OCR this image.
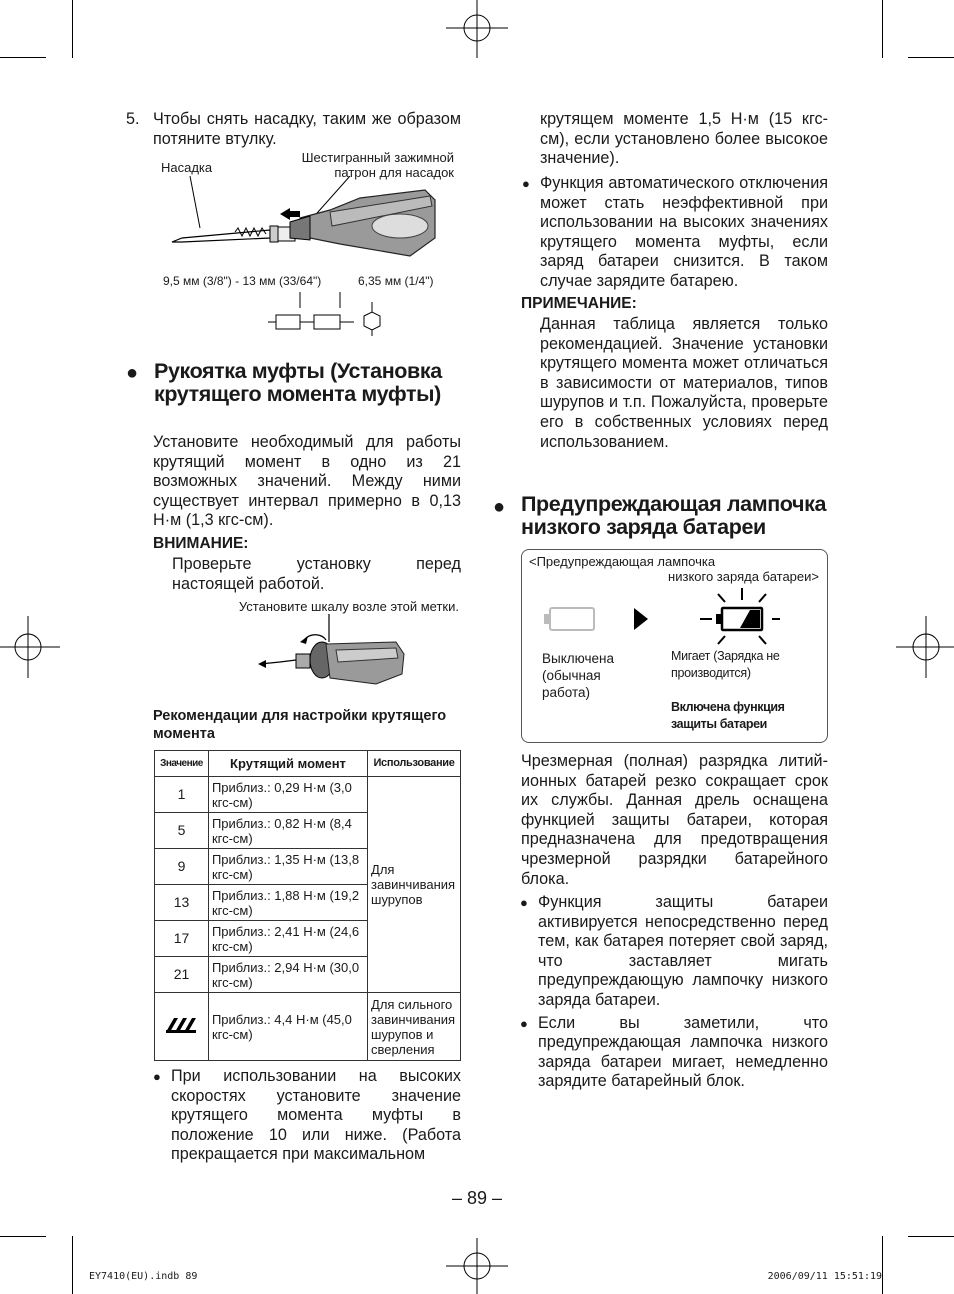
5. Чтобы снять насадку, таким же образом потяните втулку.
Насадка
Шестигранный зажимной патрон для насадок
9,5 мм (3/8") - 13 мм (33/64")	6,35 мм (1/4")
● Рукоятка муфты (Установка крутящего момента муфты)
Установите необходимый для работы крутящий момент в одно из 21 возможных значений. Между ними существует интервал примерно в 0,13 Н·м (1,3 кгс-см).
ВНИМАНИЕ:
Проверьте установку перед настоящей работой.
Установите шкалу возле этой метки.
Рекомендации для настройки крутящего момента
Значение	Крутящий момент	Использование
1	Приблиз.: 0,29 Н·м (3,0 кгс-см)	Для завинчивания шурупов
5	Приблиз.: 0,82 Н·м (8,4 кгс-см)	
9	Приблиз.: 1,35 Н·м (13,8 кгс-см)	
13	Приблиз.: 1,88 Н·м (19,2 кгс-см)	
17	Приблиз.: 2,41 Н·м (24,6 кгс-см)	
21	Приблиз.: 2,94 Н·м (30,0 кгс-см)	
	Приблиз.: 4,4 Н·м (45,0 кгс-см)	Для сильного завинчивания шурупов и сверления
● При использовании на высоких скоростях установите значение крутящего момента муфты в положение 10 или ниже. (Работа прекращается при максимальном
крутящем моменте 1,5 Н·м (15 кгс-см), если установлено более высокое значение).
● Функция автоматического отключения может стать неэффективной при использовании на высоких значениях крутящего момента муфты, если заряд батареи снизится. В таком случае зарядите батарею.
ПРИМЕЧАНИЕ:
Данная таблица является только рекомендацией. Значение установки крутящего момента может отличаться в зависимости от материалов, типов шурупов и т.п. Пожалуйста, проверьте его в собственных условиях перед использованием.
● Предупреждающая лампочка низкого заряда батареи
<Предупреждающая лампочка
низкого заряда батареи>
Выключена (обычная работа)
Мигает (Зарядка не производится)
Включена функция защиты батареи
Чрезмерная (полная) разрядка литий-ионных батарей резко сокращает срок их службы. Данная дрель оснащена функцией защиты батареи, которая предназначена для предотвращения чрезмерной разрядки батарейного блока.
● Функция защиты батареи активируется непосредственно перед тем, как батарея потеряет свой заряд, что заставляет мигать предупреждающую лампочку низкого заряда батареи.
● Если вы заметили, что предупреждающая лампочка низкого заряда батареи мигает, немедленно зарядите батарейный блок.
– 89 –
EY7410(EU).indb 89	2006/09/11 15:51:19
